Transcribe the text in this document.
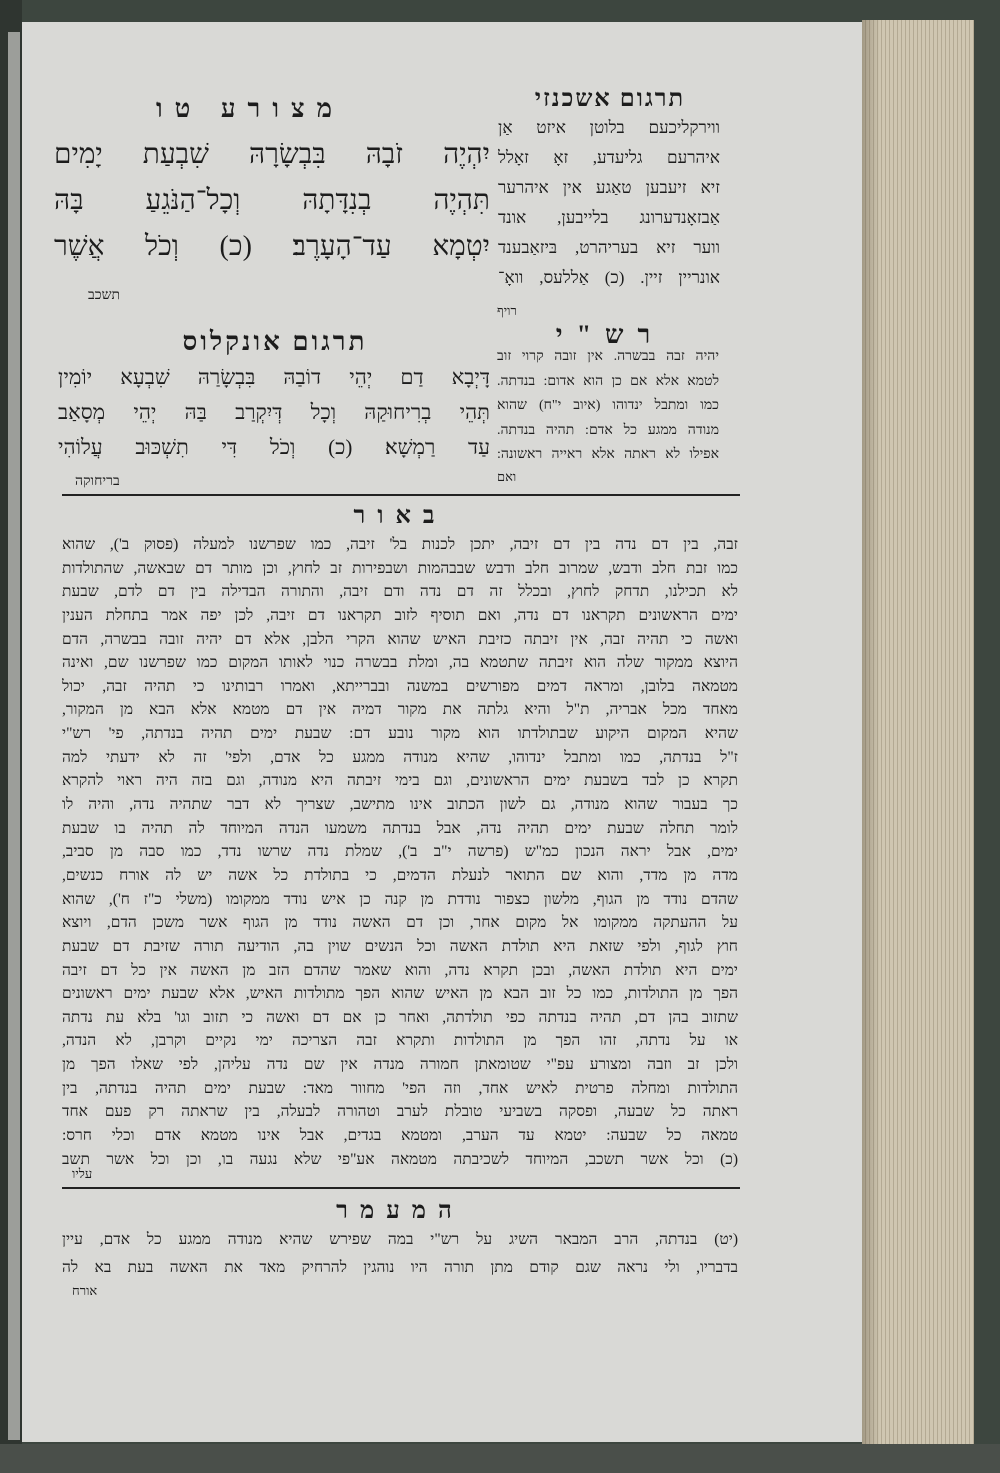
מצורע טו	תרגום אשכנזי
יִהְיֶה זֹבָהּ בִּבְשָׂרָהּ שִׁבְעַת יָמִים
תִּהְיֶה בְנִדָּתָהּ וְכָל־הַנֹּגֵעַ בָּהּ
יִטְמָא עַד־הָעָרֶב׃ (כ) וְכֹל אֲשֶׁר
תשכב
ווירקליכעם בלוטן איזט אַן
איהרעם גליעדע, זאָ זאָלל
זיא זיעבען טאַגע אין איהרער
אַבזאָנדערונג בלייבען, אונד
ווער זיא בעריהרט, בּיזאַבענד
אונריין זיין. (כ) אַללעס, וואָ־
רויף
רש"י
יהיה זבה בבשרה. אין זובה קרוי זוב
לטמא אלא אם כן הוא אדום: בנדתה.
כמו ומתבל ינדוהו (איוב י"ח) שהוא
מנודה ממגע כל אדם: תהיה בנדתה.
אפילו לא ראתה אלא ראייה ראשונה:
ואם
תרגום אונקלוס
דָּיְבָא דַם יְהֵי דוֹבַהּ בִּבְשָׂרַהּ שִׁבְעָא יוֹמִין
תְּהֵי בְרִיחוּקַהּ וְכָל דְּיִקְרַב בַּהּ יְהֵי מְסָאַב
עַד רַמְשָׁא׃ (כ) וְכֹל דִּי תִשְׁכּוּב עֲלוֹהִי
בריחוקה
באור
זבה, בין דם נדה בין דם זיבה, יתכן לכנות בל' זיבה, כמו שפרשנו למעלה (פסוק ב'), שהוא
כמו זבת חלב ודבש, שמרוב חלב ודבש שבבהמות ושבפירות זב לחוץ, וכן מותר דם שבאשה, שהתולדות
לא תכילנו, תדחק לחוץ, ובכלל זה דם נדה ודם זיבה, והתורה הבדילה בין דם לדם, שבעת
ימים הראשונים תקראנו דם נדה, ואם תוסיף לזוב תקראנו דם זיבה, לכן יפה אמר בתחלת הענין
ואשה כי תהיה זבה, אין זיבתה כזיבת האיש שהוא הקרי הלבן, אלא דם יהיה זובה בבשרה, הדם
היוצא ממקור שלה הוא זיבתה שתטמא בה, ומלת בבשרה כנוי לאותו המקום כמו שפרשנו שם, ואינה
מטמאה בלובן, ומראה דמים מפורשים במשנה ובברייתא, ואמרו רבותינו כי תהיה זבה, יכול
מאחד מכל אבריה, ת"ל והיא גלתה את מקור דמיה אין דם מטמא אלא הבא מן המקור,
שהיא המקום היקוע שבתולדתו הוא מקור נובע דם: שבעת ימים תהיה בנדתה, פי' רש"י
ז"ל בנדתה, כמו ומתבל ינדוהו, שהיא מנודה ממגע כל אדם, ולפי' זה לא ידעתי למה
תקרא כן לבד בשבעת ימים הראשונים, וגם בימי זיבתה היא מנודה, וגם בזה היה ראוי להקרא
כך בעבור שהוא מנודה, גם לשון הכתוב אינו מתישב, שצריך לא דבר שתהיה נדה, והיה לו
לומר תחלה שבעת ימים תהיה נדה, אבל בנדתה משמעו הנדה המיוחד לה תהיה בו שבעת
ימים, אבל יראה הנכון כמ"ש (פרשה י"ב ב'), שמלת נדה שרשו נדד, כמו סבה מן סביב,
מדה מן מדד, והוא שם התואר לנעלת הדמים, כי בתולדת כל אשה יש לה אורח כנשים,
שהדם נודד מן הגוף, מלשון כצפור נודדת מן קנה כן איש נודד ממקומו (משלי כ"ז ח'), שהוא
על ההעתקה ממקומו אל מקום אחר, וכן דם האשה נודד מן הגוף אשר משכן הדם, ויוצא
חוץ לגוף, ולפי שזאת היא תולדת האשה וכל הנשים שוין בה, הודיעה תורה שזיבת דם שבעת
ימים היא תולדת האשה, ובכן תקרא נדה, והוא שאמר שהדם הזב מן האשה אין כל דם זיבה
הפך מן התולדות, כמו כל זוב הבא מן האיש שהוא הפך מתולדות האיש, אלא שבעת ימים ראשונים
שתזוב בהן דם, תהיה בנדתה כפי תולדתה, ואחר כן אם דם ואשה כי תזוב וגו' בלא עת נדתה
או על נדתה, זהו הפך מן התולדות ותקרא זבה הצריכה ימי נקיים וקרבן, לא הנדה,
ולכן זב וזבה ומצורע עפ"י שטומאתן חמורה מנדה אין שם נדה עליהן, לפי שאלו הפך מן
התולדות ומחלה פרטית לאיש אחד, וזה הפי' מחוור מאד: שבעת ימים תהיה בנדתה, בין
ראתה כל שבעה, ופסקה בשביעי טובלת לערב וטהורה לבעלה, בין שראתה רק פעם אחד
טמאה כל שבעה: יטמא עד הערב, ומטמא בגדים, אבל אינו מטמא אדם וכלי חרס:
(כ) וכל אשר תשכב, המיוחד לשכיבתה מטמאה אע"פי שלא נגעה בו, וכן וכל אשר תשב
עליו
המעמר
(יט) בנדתה, הרב המבאר השיג על רש"י במה שפירש שהיא מנודה ממגע כל אדם, עיין
בדבריו, ולי נראה שגם קודם מתן תורה היו נוהגין להרחיק מאד את האשה בעת בא לה
אורח
